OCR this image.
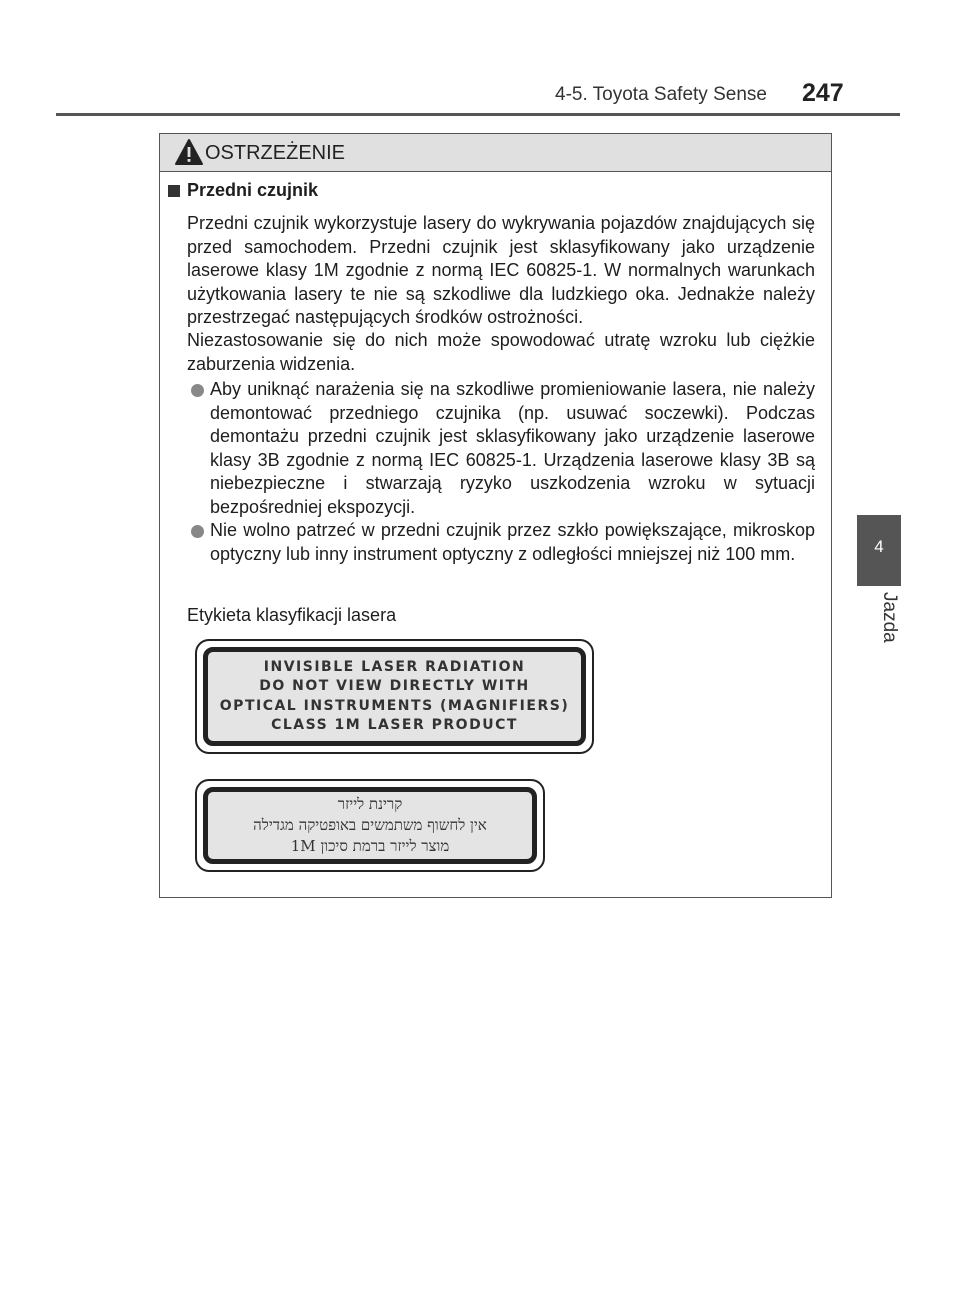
4-5. Toyota Safety Sense 247
4
Jazda
OSTRZEŻENIE
Przedni czujnik

Przedni czujnik wykorzystuje lasery do wykrywania pojazdów znajdujących się przed samochodem. Przedni czujnik jest sklasyfikowany jako urządzenie laserowe klasy 1M zgodnie z normą IEC 60825-1. W normalnych warunkach użytkowania lasery te nie są szkodliwe dla ludzkiego oka. Jednakże należy przestrzegać następujących środków ostrożności.

Niezastosowanie się do nich może spowodować utratę wzroku lub ciężkie zaburzenia widzenia.

Aby uniknąć narażenia się na szkodliwe promieniowanie lasera, nie należy demontować przedniego czujnika (np. usuwać soczewki). Podczas demontażu przedni czujnik jest sklasyfikowany jako urządzenie laserowe klasy 3B zgodnie z normą IEC 60825-1. Urządzenia laserowe klasy 3B są niebezpieczne i stwarzają ryzyko uszkodzenia wzroku w sytuacji bezpośredniej ekspozycji.

Nie wolno patrzeć w przedni czujnik przez szkło powiększające, mikroskop optyczny lub inny instrument optyczny z odległości mniejszej niż 100 mm.

Etykieta klasyfikacji lasera
INVISIBLE LASER RADIATION
DO NOT VIEW DIRECTLY WITH
OPTICAL INSTRUMENTS (MAGNIFIERS)
CLASS 1M LASER PRODUCT
קרינת לייזר
אין לחשוף משתמשים באופטיקה מגדילה
מוצר לייזר ברמת סיכון 1M
